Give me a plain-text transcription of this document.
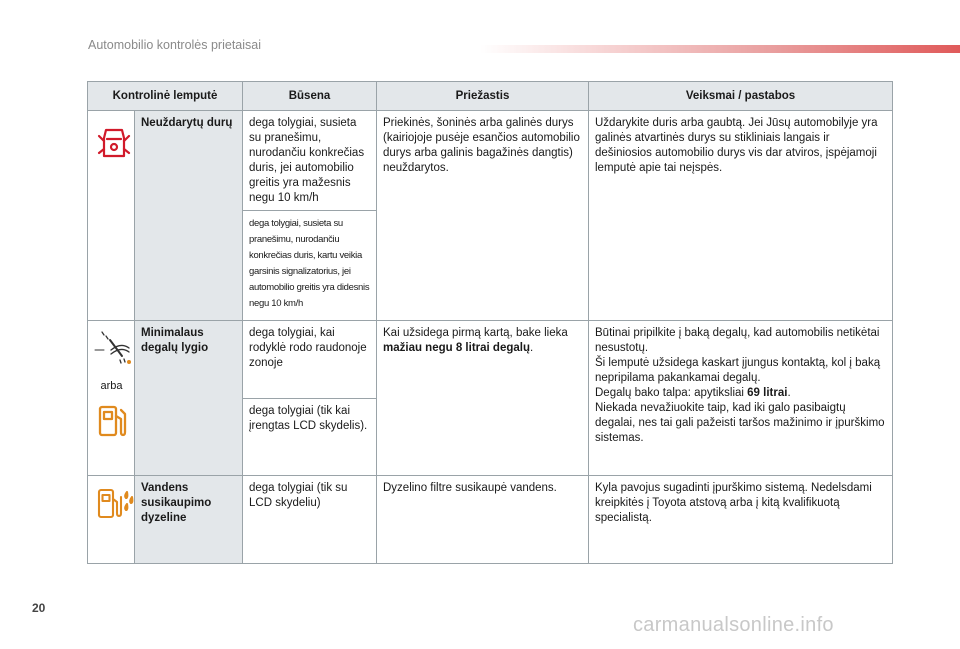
Automobilio kontrolės prietaisai
Kontrolinė lemputė		Būsena	Priežastis	Veiksmai / pastabos
	Neuždarytų durų	dega tolygiai, susieta su pranešimu, nurodančiu konkrečias duris, jei automobilio greitis yra mažesnis negu 10 km/h	Priekinės, šoninės arba galinės durys (kairiojoje pusėje esančios automobilio durys arba galinis bagažinės dangtis) neuždarytos.	Uždarykite duris arba gaubtą. Jei Jūsų automobilyje yra galinės atvartinės durys su stikliniais langais ir dešiniosios automobilio durys vis dar atviros, įspėjamoji lemputė apie tai neįspės.
		dega tolygiai, susieta su pranešimu, nurodančiu konkrečias duris, kartu veikia garsinis signalizatorius, jei automobilio greitis yra didesnis negu 10 km/h		

arba	Minimalaus degalų lygio	dega tolygiai, kai rodyklė rodo raudonoje zonoje	Kai užsidega pirmą kartą, bake lieka mažiau negu 8 litrai degalų.	Būtinai pripilkite į baką degalų, kad automobilis netikėtai nesustotų.
Ši lemputė užsidega kaskart įjungus kontaktą, kol į baką nepripilama pakankamai degalų.
Degalų bako talpa: apytiksliai 69 litrai.
Niekada nevažiuokite taip, kad iki galo pasibaigtų degalai, nes tai gali pažeisti taršos mažinimo ir įpurškimo sistemas.
		dega tolygiai (tik kai įrengtas LCD skydelis).		
	Vandens susikaupimo dyzeline	dega tolygiai (tik su LCD skydeliu)	Dyzelino filtre susikaupė vandens.	Kyla pavojus sugadinti įpurškimo sistemą. Nedelsdami kreipkitės į Toyota atstovą arba į kitą kvalifikuotą specialistą.
20
carmanualsonline.info
